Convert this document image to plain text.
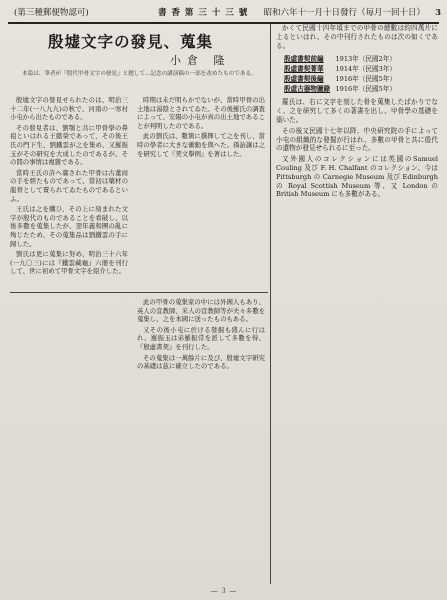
(第三種郵便物認可)	書 香 第 三 十 三 號 昭和六年十一月十日發行（毎月一回十日） 3
殷墟文字の發見、蒐集
小倉 隆
本篇は、筆者が『殷代甲骨文字の發見』と題して...記念の講演稿の一部を改めたものである。

殷墟文字の發見せられたのは、明治三十二年(一八九九)の秋で、河南の一寒村小屯から出たものである。

その發見者は、劉鶚と共に甲骨學の鼻祖といはれる王懿榮であって、その後王氏の門下生、劉鐵雲が之を集め、又羅振玉がその研究を大成したのであるが、その間の事情は複雜である。

當時王氏の許へ齎された甲骨は古董商の手を經たものであって、當初は藥材の龍骨として賣られてゐたものであるといふ。

王氏は之を購ひ、その上に刻まれた文字が殷代のものであることを看破し、以後多數を蒐集したが、翌年義和團の亂に殉じたため、その蒐集品は劉鐵雲の手に歸した。

劉氏は更に蒐集に努め、明治三十六年(一九〇三)には『鐵雲藏龜』六冊を刊行して、世に初めて甲骨文字を紹介した。

時期は未だ明らかでないが、當時甲骨の出土地は湯陰とされてゐた。その後羅氏の調査によって、安陽の小屯が真の出土地であることが判明したのである。

此の劉氏は、數箇に撰擇して之を刊し、當時の學者に大きな衝動を與へた。孫詒讓は之を研究して『契文擧例』を著はした。

此の甲骨の蒐集家の中には外國人もあり、英人の宣教師、米人の宣教師等が夫々多數を蒐集し、之を本國に送ったものもある。

又その後小屯に於ける發掘も盛んに行はれ、羅振玉は弟羅振常を派して多數を得、『殷虛書契』を刊行した。

その蒐集は一萬餘片に及び、殷墟文字研究の基礎は茲に確立したのである。

かくて民國十四年頃までの甲骨の總數は約四萬片に上るといはれ、その中刊行されたものは次の如くである。

殷虛書契前編 1913年（民國2年）
殷虛書契菁華 1914年（民國3年）
殷虛書契後編 1916年（民國5年）
殷虛古器物圖錄 1916年（民國5年）

羅氏は、右に文字を刻した骨を蒐集したばかりでなく、之を研究して多くの著書を出し、甲骨學の基礎を築いた。

その後又民國十七年以降、中央研究院の手によって小屯の組織的な發掘が行はれ、多數の甲骨と共に殷代の遺物が發見せられるに至った。

又外國人のコレクションには英國のSamuel Couling 及び F. H. Chalfant のコレクション、今は Pittsburgh の Carnegie Museum 及び Edinburgh の Royal Scottish Museum 等、又 London の British Museum にも多數がある。

— ３ —
